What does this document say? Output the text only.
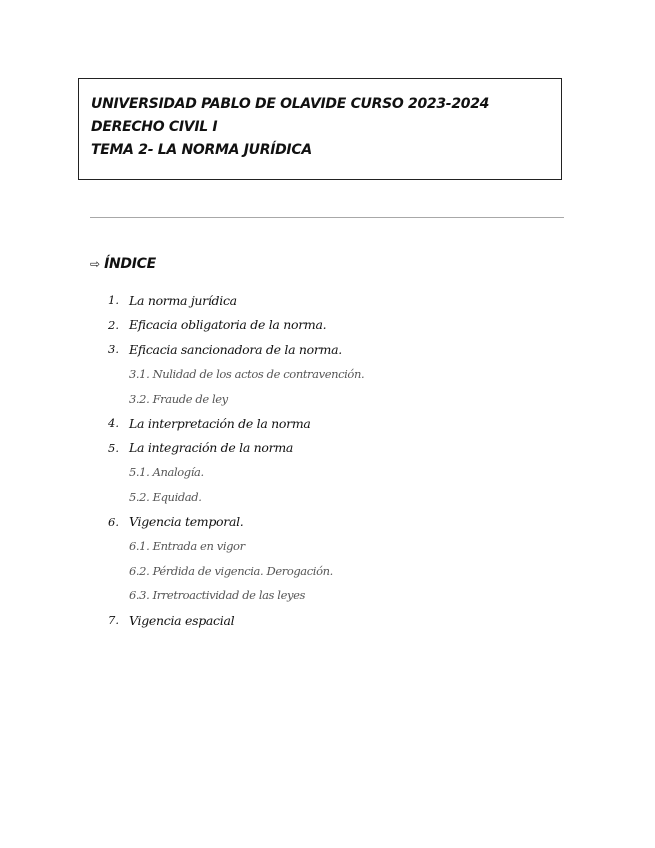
UNIVERSIDAD PABLO DE OLAVIDE CURSO 2023-2024
DERECHO CIVIL I
TEMA 2- LA NORMA JURÍDICA
⇨ ÍNDICE
1. La norma jurídica
2. Eficacia obligatoria de la norma.
3. Eficacia sancionadora de la norma.
3.1. Nulidad de los actos de contravención.
3.2. Fraude de ley
4. La interpretación de la norma
5. La integración de la norma
5.1. Analogía.
5.2. Equidad.
6. Vigencia temporal.
6.1. Entrada en vigor
6.2. Pérdida de vigencia. Derogación.
6.3. Irretroactividad de las leyes
7. Vigencia espacial
